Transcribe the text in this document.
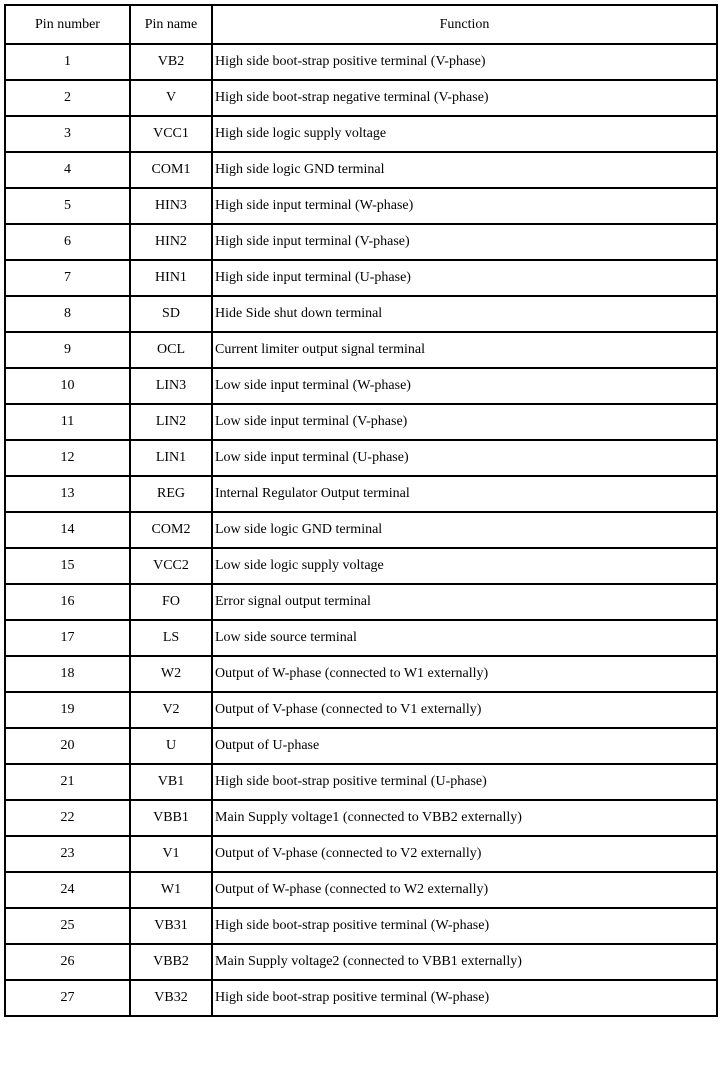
Pin number	Pin name	Function
1	VB2	High side boot-strap positive terminal (V-phase)
2	V	High side boot-strap negative terminal (V-phase)
3	VCC1	High side logic supply voltage
4	COM1	High side logic GND terminal
5	HIN3	High side input terminal (W-phase)
6	HIN2	High side input terminal (V-phase)
7	HIN1	High side input terminal (U-phase)
8	SD	Hide Side shut down terminal
9	OCL	Current limiter output signal terminal
10	LIN3	Low side input terminal (W-phase)
11	LIN2	Low side input terminal (V-phase)
12	LIN1	Low side input terminal (U-phase)
13	REG	Internal Regulator Output terminal
14	COM2	Low side logic GND terminal
15	VCC2	Low side logic supply voltage
16	FO	Error signal output terminal
17	LS	Low side source terminal
18	W2	Output of W-phase (connected to W1 externally)
19	V2	Output of V-phase (connected to V1 externally)
20	U	Output of U-phase
21	VB1	High side boot-strap positive terminal (U-phase)
22	VBB1	Main Supply voltage1 (connected to VBB2 externally)
23	V1	Output of V-phase (connected to V2 externally)
24	W1	Output of W-phase (connected to W2 externally)
25	VB31	High side boot-strap positive terminal (W-phase)
26	VBB2	Main Supply voltage2 (connected to VBB1 externally)
27	VB32	High side boot-strap positive terminal (W-phase)
